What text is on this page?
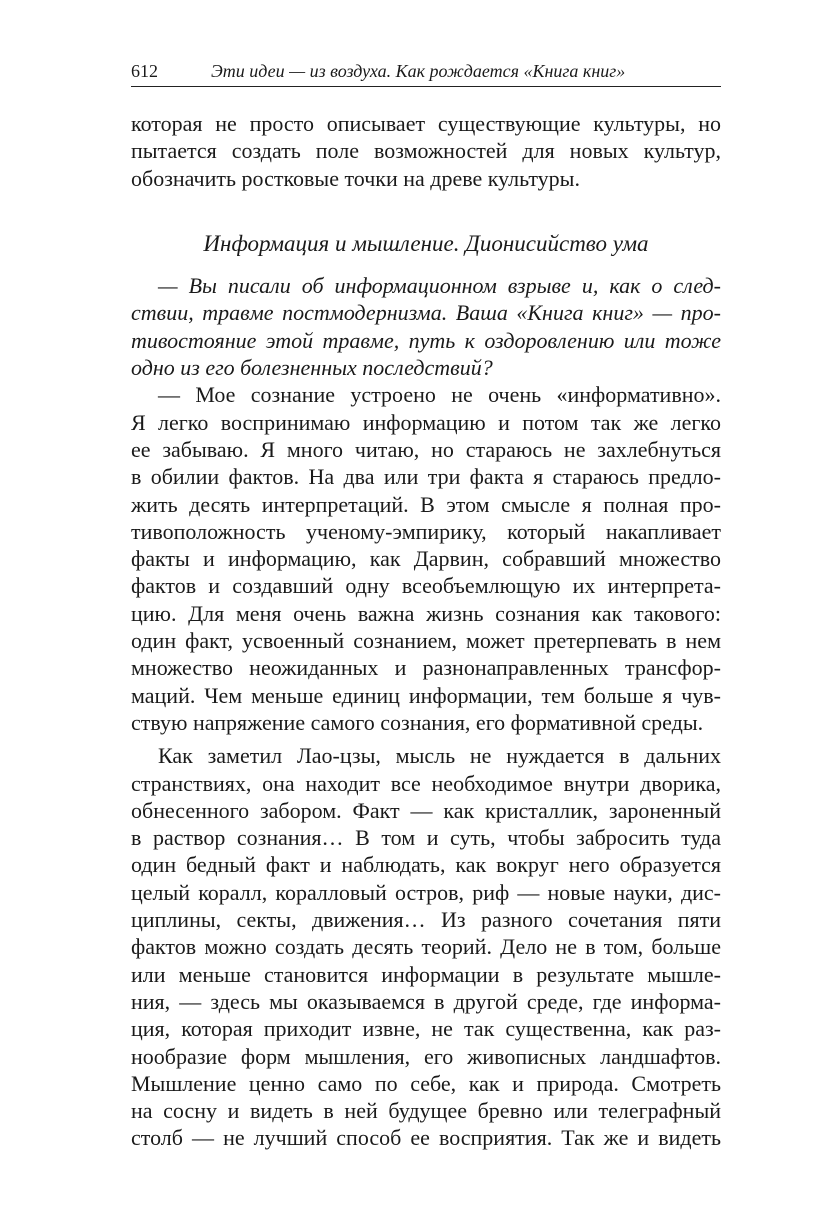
612	Эти идеи — из воздуха. Как рождается «Книга книг»
которая не просто описывает существующие культуры, но
пытается создать поле возможностей для новых культур,
обозначить ростковые точки на древе культуры.
Информация и мышление. Дионисийство ума
— Вы писали об информационном взрыве и, как о след-
ствии, травме постмодернизма. Ваша «Книга книг» — про-
тивостояние этой травме, путь к оздоровлению или тоже
одно из его болезненных последствий?
— Мое сознание устроено не очень «информативно».
Я легко воспринимаю информацию и потом так же легко
ее забываю. Я много читаю, но стараюсь не захлебнуться
в обилии фактов. На два или три факта я стараюсь предло-
жить десять интерпретаций. В этом смысле я полная про-
тивоположность ученому-эмпирику, который накапливает
факты и информацию, как Дарвин, собравший множество
фактов и создавший одну всеобъемлющую их интерпрета-
цию. Для меня очень важна жизнь сознания как такового:
один факт, усвоенный сознанием, может претерпевать в нем
множество неожиданных и разнонаправленных трансфор-
маций. Чем меньше единиц информации, тем больше я чув-
ствую напряжение самого сознания, его формативной среды.
Как заметил Лао-цзы, мысль не нуждается в дальних
странствиях, она находит все необходимое внутри дворика,
обнесенного забором. Факт — как кристаллик, зароненный
в раствор сознания… В том и суть, чтобы забросить туда
один бедный факт и наблюдать, как вокруг него образуется
целый коралл, коралловый остров, риф — новые науки, дис-
циплины, секты, движения… Из разного сочетания пяти
фактов можно создать десять теорий. Дело не в том, больше
или меньше становится информации в результате мышле-
ния, — здесь мы оказываемся в другой среде, где информа-
ция, которая приходит извне, не так существенна, как раз-
нообразие форм мышления, его живописных ландшафтов.
Мышление ценно само по себе, как и природа. Смотреть
на сосну и видеть в ней будущее бревно или телеграфный
столб — не лучший способ ее восприятия. Так же и видеть
